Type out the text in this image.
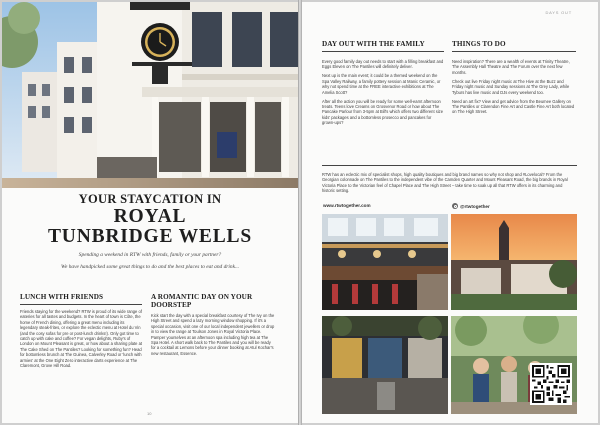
YOUR STAYCATION IN
ROYAL
TUNBRIDGE WELLS
Spending a weekend in RTW with friends, family or your partner?
We have handpicked some great things to do and the best places to eat and drink...
LUNCH WITH FRIENDS

Friends staying for the weekend? RTW is proud of its wide range of eateries for all tastes and budgets. In the heart of town is Côte, the home of French dining, offering a great menu including its legendary steak-frites, or explore the eclectic menu at Hotel du Vin (and the cosy sofas for pre or post-lunch drinks!). Only got time to catch up with cake and coffee? For vegan delights, Ruby's of London on Mount Pleasant is great, or how about a sharing plate at The Cake Shed on The Pantiles? Looking for something fun? Head for bottomless brunch at The Guinea, Calverley Road or 'lunch with armies' at the One Eight Zero interactive darts experience at The Claremont, Grove Hill Road.

A ROMANTIC DAY ON YOUR
DOORSTEP

Kick start the day with a special breakfast courtesy of The Ivy on the High Street and spend a lazy morning window shopping. If it's a special occasion, visit one of our local independent jewellers or drop in to view the range at Toulson Jones in Royal Victoria Place. Pamper yourselves at an afternoon spa including high tea at The Spa Hotel. A short walk back to The Pantiles and you will be ready for a cocktail at Lemons before your dinner booking at Atul Kochar's new restaurant, Essence.

10
DAYS OUT
DAY OUT WITH THE FAMILY

Every good family day out needs to start with a filling breakfast and Eggs Eleven on The Pantiles will definitely deliver.

Next up is the main event; it could be a themed weekend on the Spa Valley Railway, a family pottery session at Manic Ceramic, or why not spend time at the FREE interactive exhibitions at The Amelia Scott?

After all the action you will be ready for some well-earnt afternoon treats. Teens love Creams on Grosvenor Road or how about The Pancake Parlour from 3-5pm at Bill's which offers two different size kids' packages and a bottomless prosecco and pancakes for grown-ups?

THINGS TO DO

Need inspiration? There are a wealth of events at Trinity Theatre, The Assembly Hall Theatre and The Forum over the next few months.

Check out live Friday night music at The Hive at the Buzz and Friday night music and Sunday sessions at The Grey Lady, while Tyburs has live music and DJs every weekend too.

Need an art fix? View and get advice from the Beumee Gallery on The Pantiles or Clarendon Fine Art and Castle Fine Art both located on The High Street.

RTW has an eclectic mix of specialist shops, high quality boutiques and big brand names so why not shop and #Lovelocal? From the Georgian colonnade on The Pantiles to the independent vibe of the Camden Quarter and Mount Pleasant Road, the big brands in Royal Victoria Place to the Victorian feel of Chapel Place and The High Street – take time to soak up all that RTW offers in its charming and historic setting.
www.rtwtogether.com	@rtwtogether
